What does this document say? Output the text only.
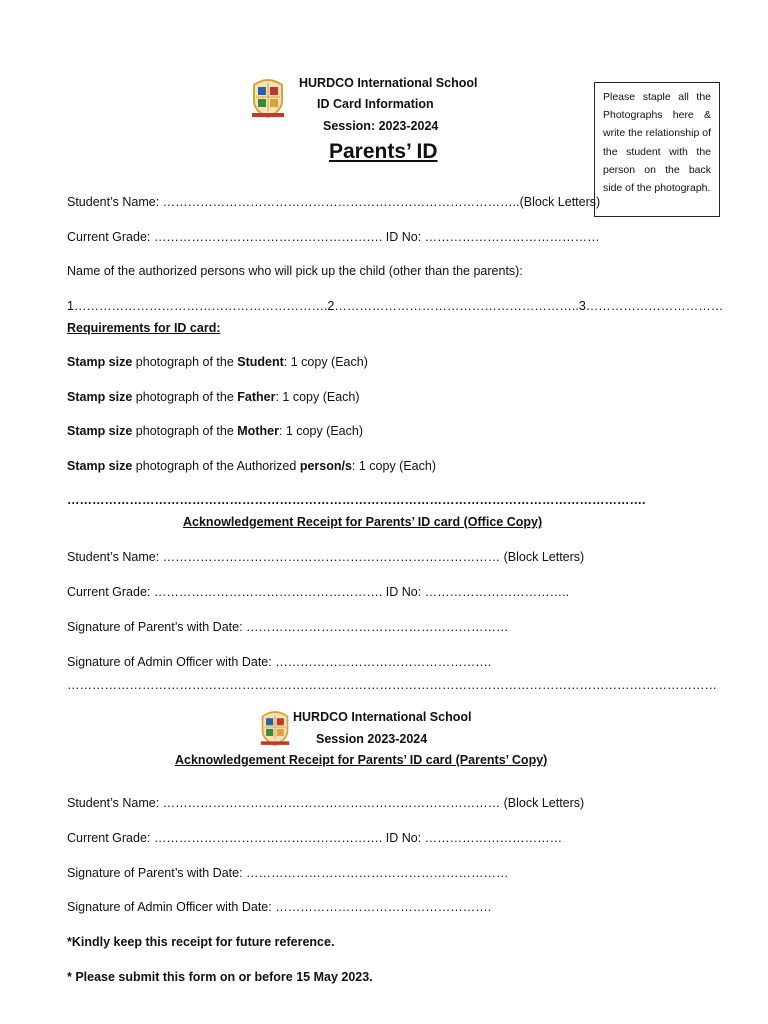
HURDCO International School
ID Card Information
Session: 2023-2024
Parents’ ID
Please staple all the Photographs here & write the relationship of the student with the person on the back side of the photograph.
Student’s Name: …………………………………………………………………………..(Block Letters)
Current Grade: ………………………………………………. ID No: ……………………………………
Name of the authorized persons who will pick up the child (other than the parents):
1…………………………………………………….2…………………………………………………..3……………………………
Requirements for ID card:
Stamp size photograph of the Student: 1 copy (Each)
Stamp size photograph of the Father: 1 copy (Each)
Stamp size photograph of the Mother: 1 copy (Each)
Stamp size photograph of the Authorized person/s: 1 copy (Each)
………………………………………………………………………………………………………………………….
Acknowledgement Receipt for Parents’ ID card (Office Copy)
Student’s Name: ……………………………………………………………………… (Block Letters)
Current Grade: ………………………………………………. ID No: ……………………………..
Signature of Parent’s with Date: ………………………………………………………
Signature of Admin Officer with Date: …………………………………………….
…………………………………………………………………………………………………………………………………………
HURDCO International School
Session 2023-2024
Acknowledgement Receipt for Parents’ ID card (Parents’ Copy)
Student’s Name: ……………………………………………………………………… (Block Letters)
Current Grade: ………………………………………………. ID No: ……………………………
Signature of Parent’s with Date: ………………………………………………………
Signature of Admin Officer with Date: …………………………………………….
*Kindly keep this receipt for future reference.
* Please submit this form on or before 15 May 2023.
